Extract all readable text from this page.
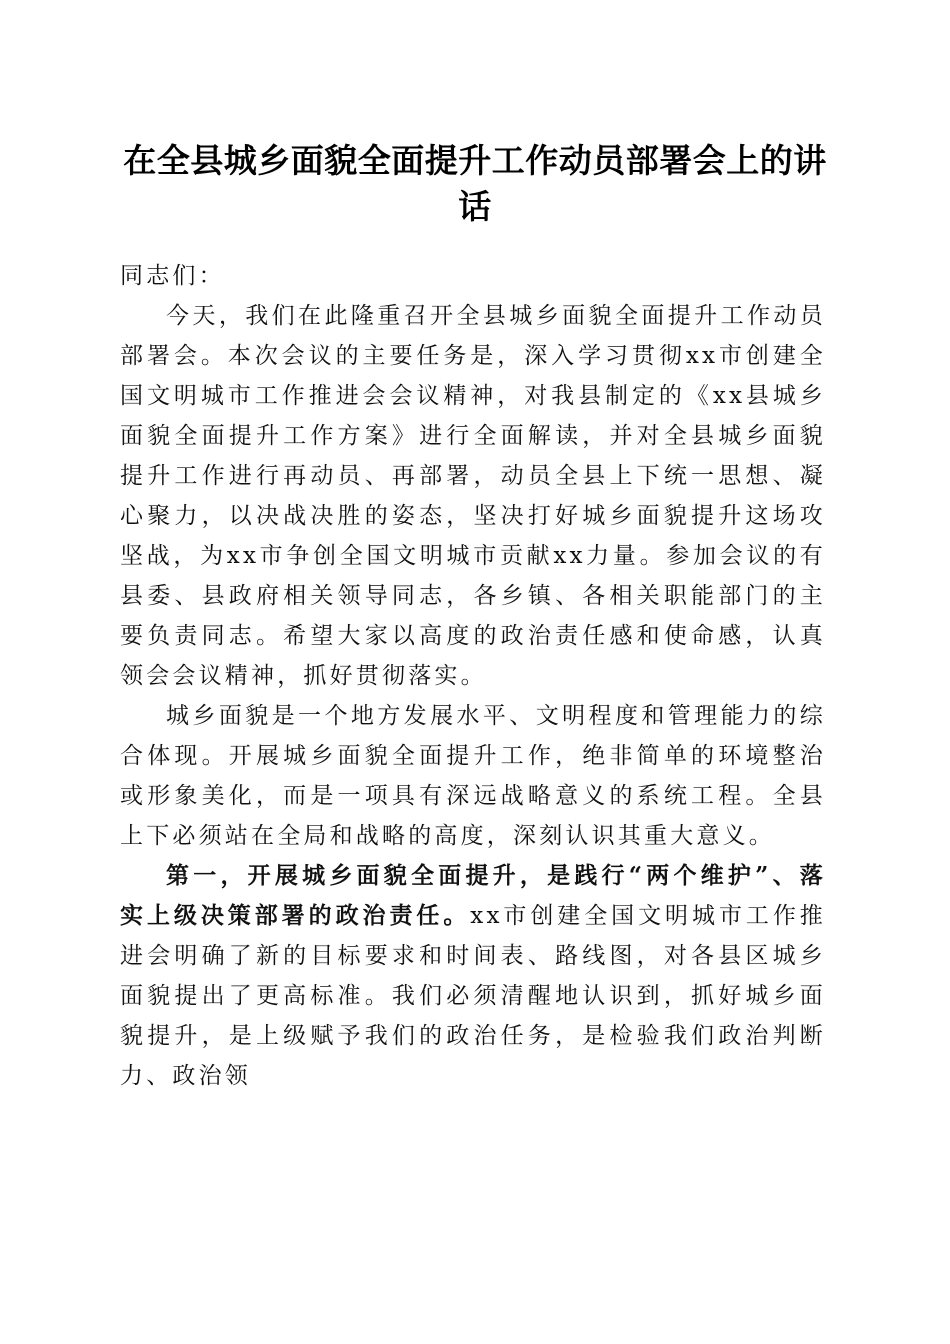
在全县城乡面貌全面提升工作动员部署会上的讲话

同志们：

今天，我们在此隆重召开全县城乡面貌全面提升工作动员部署会。本次会议的主要任务是，深入学习贯彻xx市创建全国文明城市工作推进会会议精神，对我县制定的《xx县城乡面貌全面提升工作方案》进行全面解读，并对全县城乡面貌提升工作进行再动员、再部署，动员全县上下统一思想、凝心聚力，以决战决胜的姿态，坚决打好城乡面貌提升这场攻坚战，为xx市争创全国文明城市贡献xx力量。参加会议的有县委、县政府相关领导同志，各乡镇、各相关职能部门的主要负责同志。希望大家以高度的政治责任感和使命感，认真领会会议精神，抓好贯彻落实。

城乡面貌是一个地方发展水平、文明程度和管理能力的综合体现。开展城乡面貌全面提升工作，绝非简单的环境整治或形象美化，而是一项具有深远战略意义的系统工程。全县上下必须站在全局和战略的高度，深刻认识其重大意义。

第一，开展城乡面貌全面提升，是践行“两个维护”、落实上级决策部署的政治责任。xx市创建全国文明城市工作推进会明确了新的目标要求和时间表、路线图，对各县区城乡面貌提出了更高标准。我们必须清醒地认识到，抓好城乡面貌提升，是上级赋予我们的政治任务，是检验我们政治判断力、政治领
